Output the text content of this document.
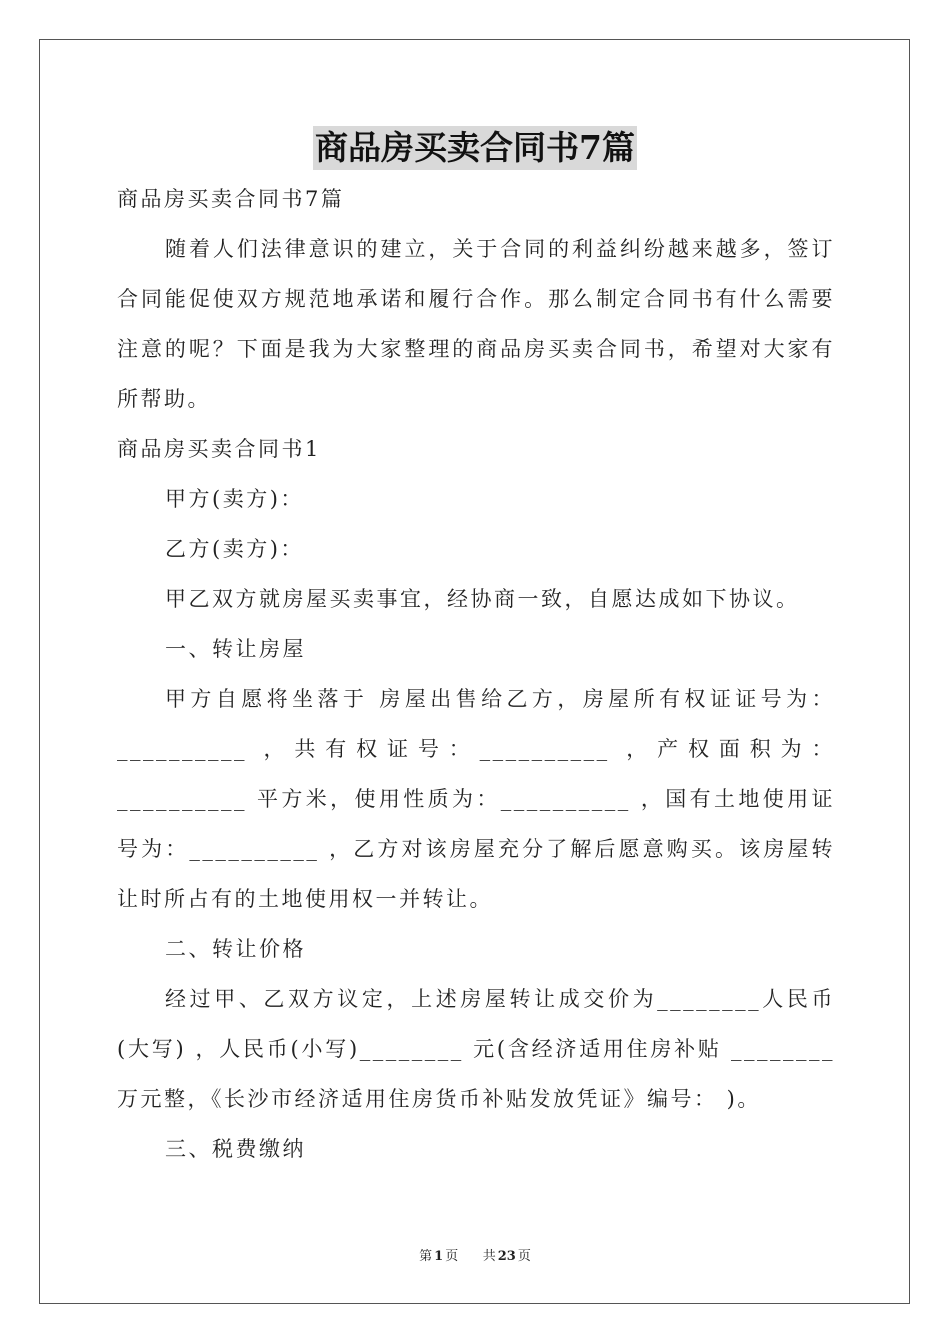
商品房买卖合同书7篇

商品房买卖合同书7篇

随着人们法律意识的建立，关于合同的利益纠纷越来越多，签订合同能促使双方规范地承诺和履行合作。那么制定合同书有什么需要注意的呢？下面是我为大家整理的商品房买卖合同书，希望对大家有所帮助。

商品房买卖合同书1

甲方(卖方)：

乙方(卖方)：

甲乙双方就房屋买卖事宜，经协商一致，自愿达成如下协议。

一、转让房屋

甲方自愿将坐落于 房屋出售给乙方，房屋所有权证证号为：__________ ，共有权证号：__________ ，产权面积为：__________ 平方米，使用性质为：__________ ，国有土地使用证号为：__________ ，乙方对该房屋充分了解后愿意购买。该房屋转让时所占有的土地使用权一并转让。

二、转让价格

经过甲、乙双方议定，上述房屋转让成交价为________人民币(大写) ，人民币(小写)________ 元(含经济适用住房补贴 ________万元整，《长沙市经济适用住房货币补贴发放凭证》编号： )。

三、税费缴纳

第 1 页 共 23 页
